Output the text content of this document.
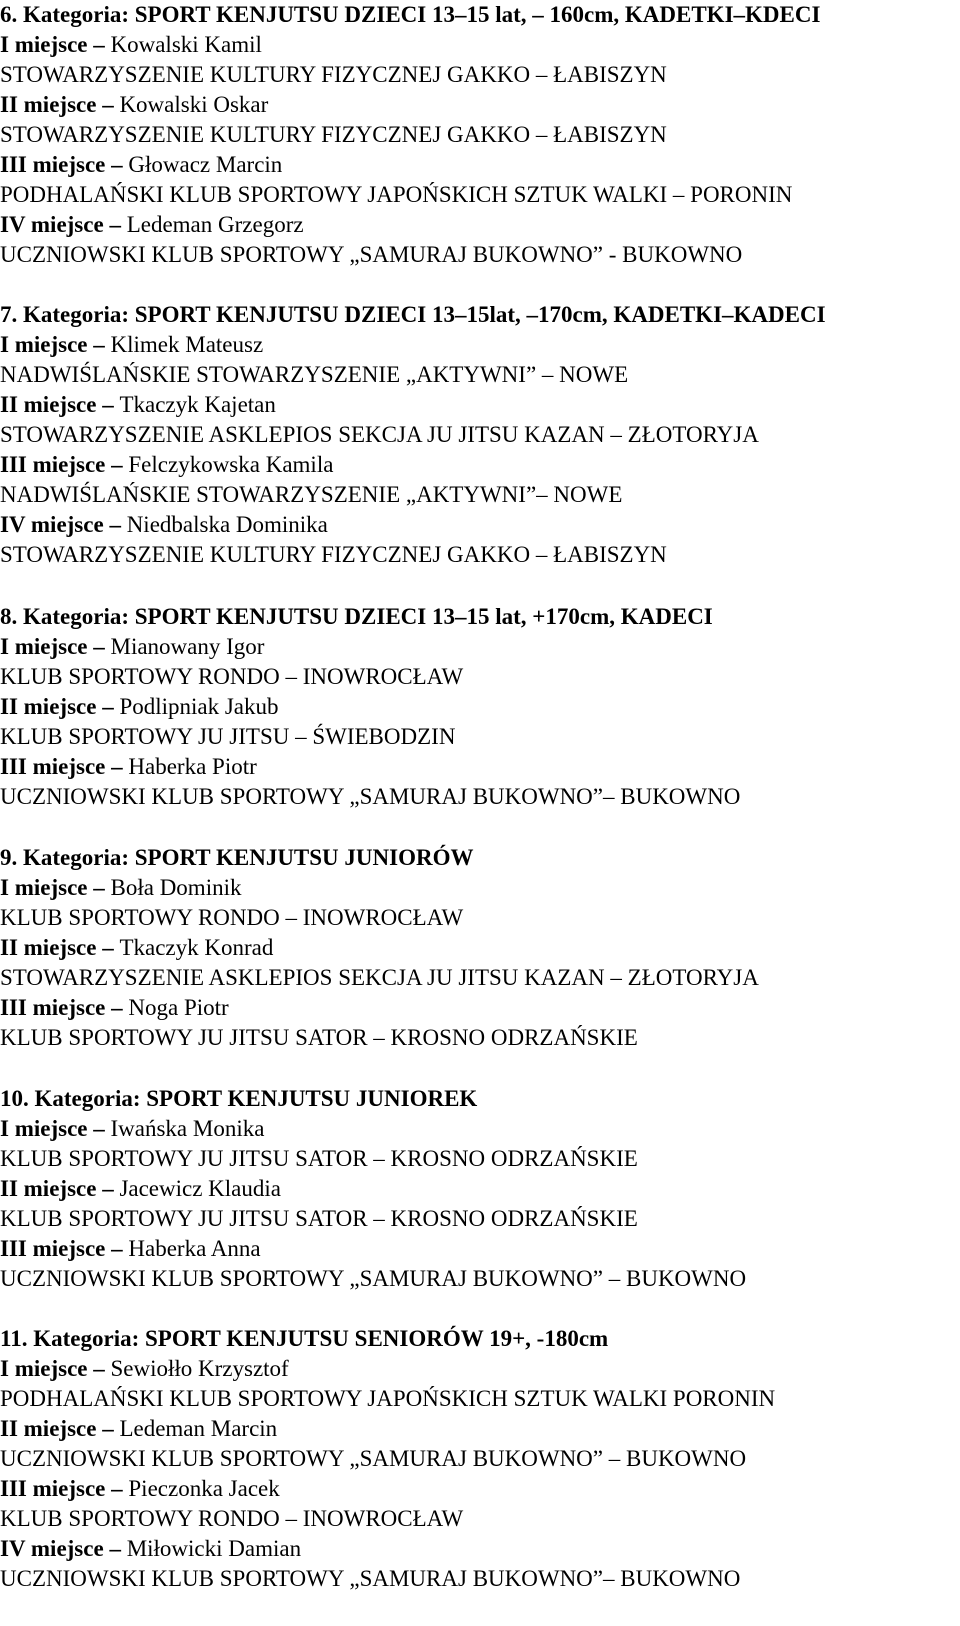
6. Kategoria: SPORT KENJUTSU DZIECI 13–15 lat, – 160cm, KADETKI–KDECI
I miejsce – Kowalski Kamil
STOWARZYSZENIE KULTURY FIZYCZNEJ GAKKO – ŁABISZYN
II miejsce – Kowalski Oskar
STOWARZYSZENIE KULTURY FIZYCZNEJ GAKKO – ŁABISZYN
III miejsce – Głowacz Marcin
PODHALAŃSKI KLUB SPORTOWY JAPOŃSKICH SZTUK WALKI – PORONIN
IV miejsce – Ledeman Grzegorz
UCZNIOWSKI KLUB SPORTOWY „SAMURAJ BUKOWNO” - BUKOWNO
7. Kategoria: SPORT KENJUTSU DZIECI 13–15lat, –170cm, KADETKI–KADECI
I miejsce – Klimek Mateusz
NADWIŚLAŃSKIE STOWARZYSZENIE „AKTYWNI” – NOWE
II miejsce – Tkaczyk Kajetan
STOWARZYSZENIE ASKLEPIOS SEKCJA JU JITSU KAZAN – ZŁOTORYJA
III miejsce – Felczykowska Kamila
NADWIŚLAŃSKIE STOWARZYSZENIE „AKTYWNI”– NOWE
IV miejsce – Niedbalska Dominika
STOWARZYSZENIE KULTURY FIZYCZNEJ GAKKO – ŁABISZYN
8. Kategoria: SPORT KENJUTSU DZIECI 13–15 lat, +170cm, KADECI
I miejsce – Mianowany Igor
KLUB SPORTOWY RONDO – INOWROCŁAW
II miejsce – Podlipniak Jakub
KLUB SPORTOWY JU JITSU – ŚWIEBODZIN
III miejsce – Haberka Piotr
UCZNIOWSKI KLUB SPORTOWY „SAMURAJ BUKOWNO”– BUKOWNO
9. Kategoria: SPORT KENJUTSU JUNIORÓW
I miejsce – Boła Dominik
KLUB SPORTOWY RONDO – INOWROCŁAW
II miejsce – Tkaczyk Konrad
STOWARZYSZENIE ASKLEPIOS SEKCJA JU JITSU KAZAN – ZŁOTORYJA
III miejsce – Noga Piotr
KLUB SPORTOWY JU JITSU SATOR – KROSNO ODRZAŃSKIE
10. Kategoria: SPORT KENJUTSU JUNIOREK
I miejsce – Iwańska Monika
KLUB SPORTOWY JU JITSU SATOR – KROSNO ODRZAŃSKIE
II miejsce – Jacewicz Klaudia
KLUB SPORTOWY JU JITSU SATOR – KROSNO ODRZAŃSKIE
III miejsce – Haberka Anna
UCZNIOWSKI KLUB SPORTOWY „SAMURAJ BUKOWNO” – BUKOWNO
11. Kategoria: SPORT KENJUTSU SENIORÓW 19+, -180cm
I miejsce – Sewiołło Krzysztof
PODHALAŃSKI KLUB SPORTOWY JAPOŃSKICH SZTUK WALKI PORONIN
II miejsce – Ledeman Marcin
UCZNIOWSKI KLUB SPORTOWY „SAMURAJ BUKOWNO” – BUKOWNO
III miejsce – Pieczonka Jacek
KLUB SPORTOWY RONDO – INOWROCŁAW
IV miejsce – Miłowicki Damian
UCZNIOWSKI KLUB SPORTOWY „SAMURAJ BUKOWNO”– BUKOWNO
